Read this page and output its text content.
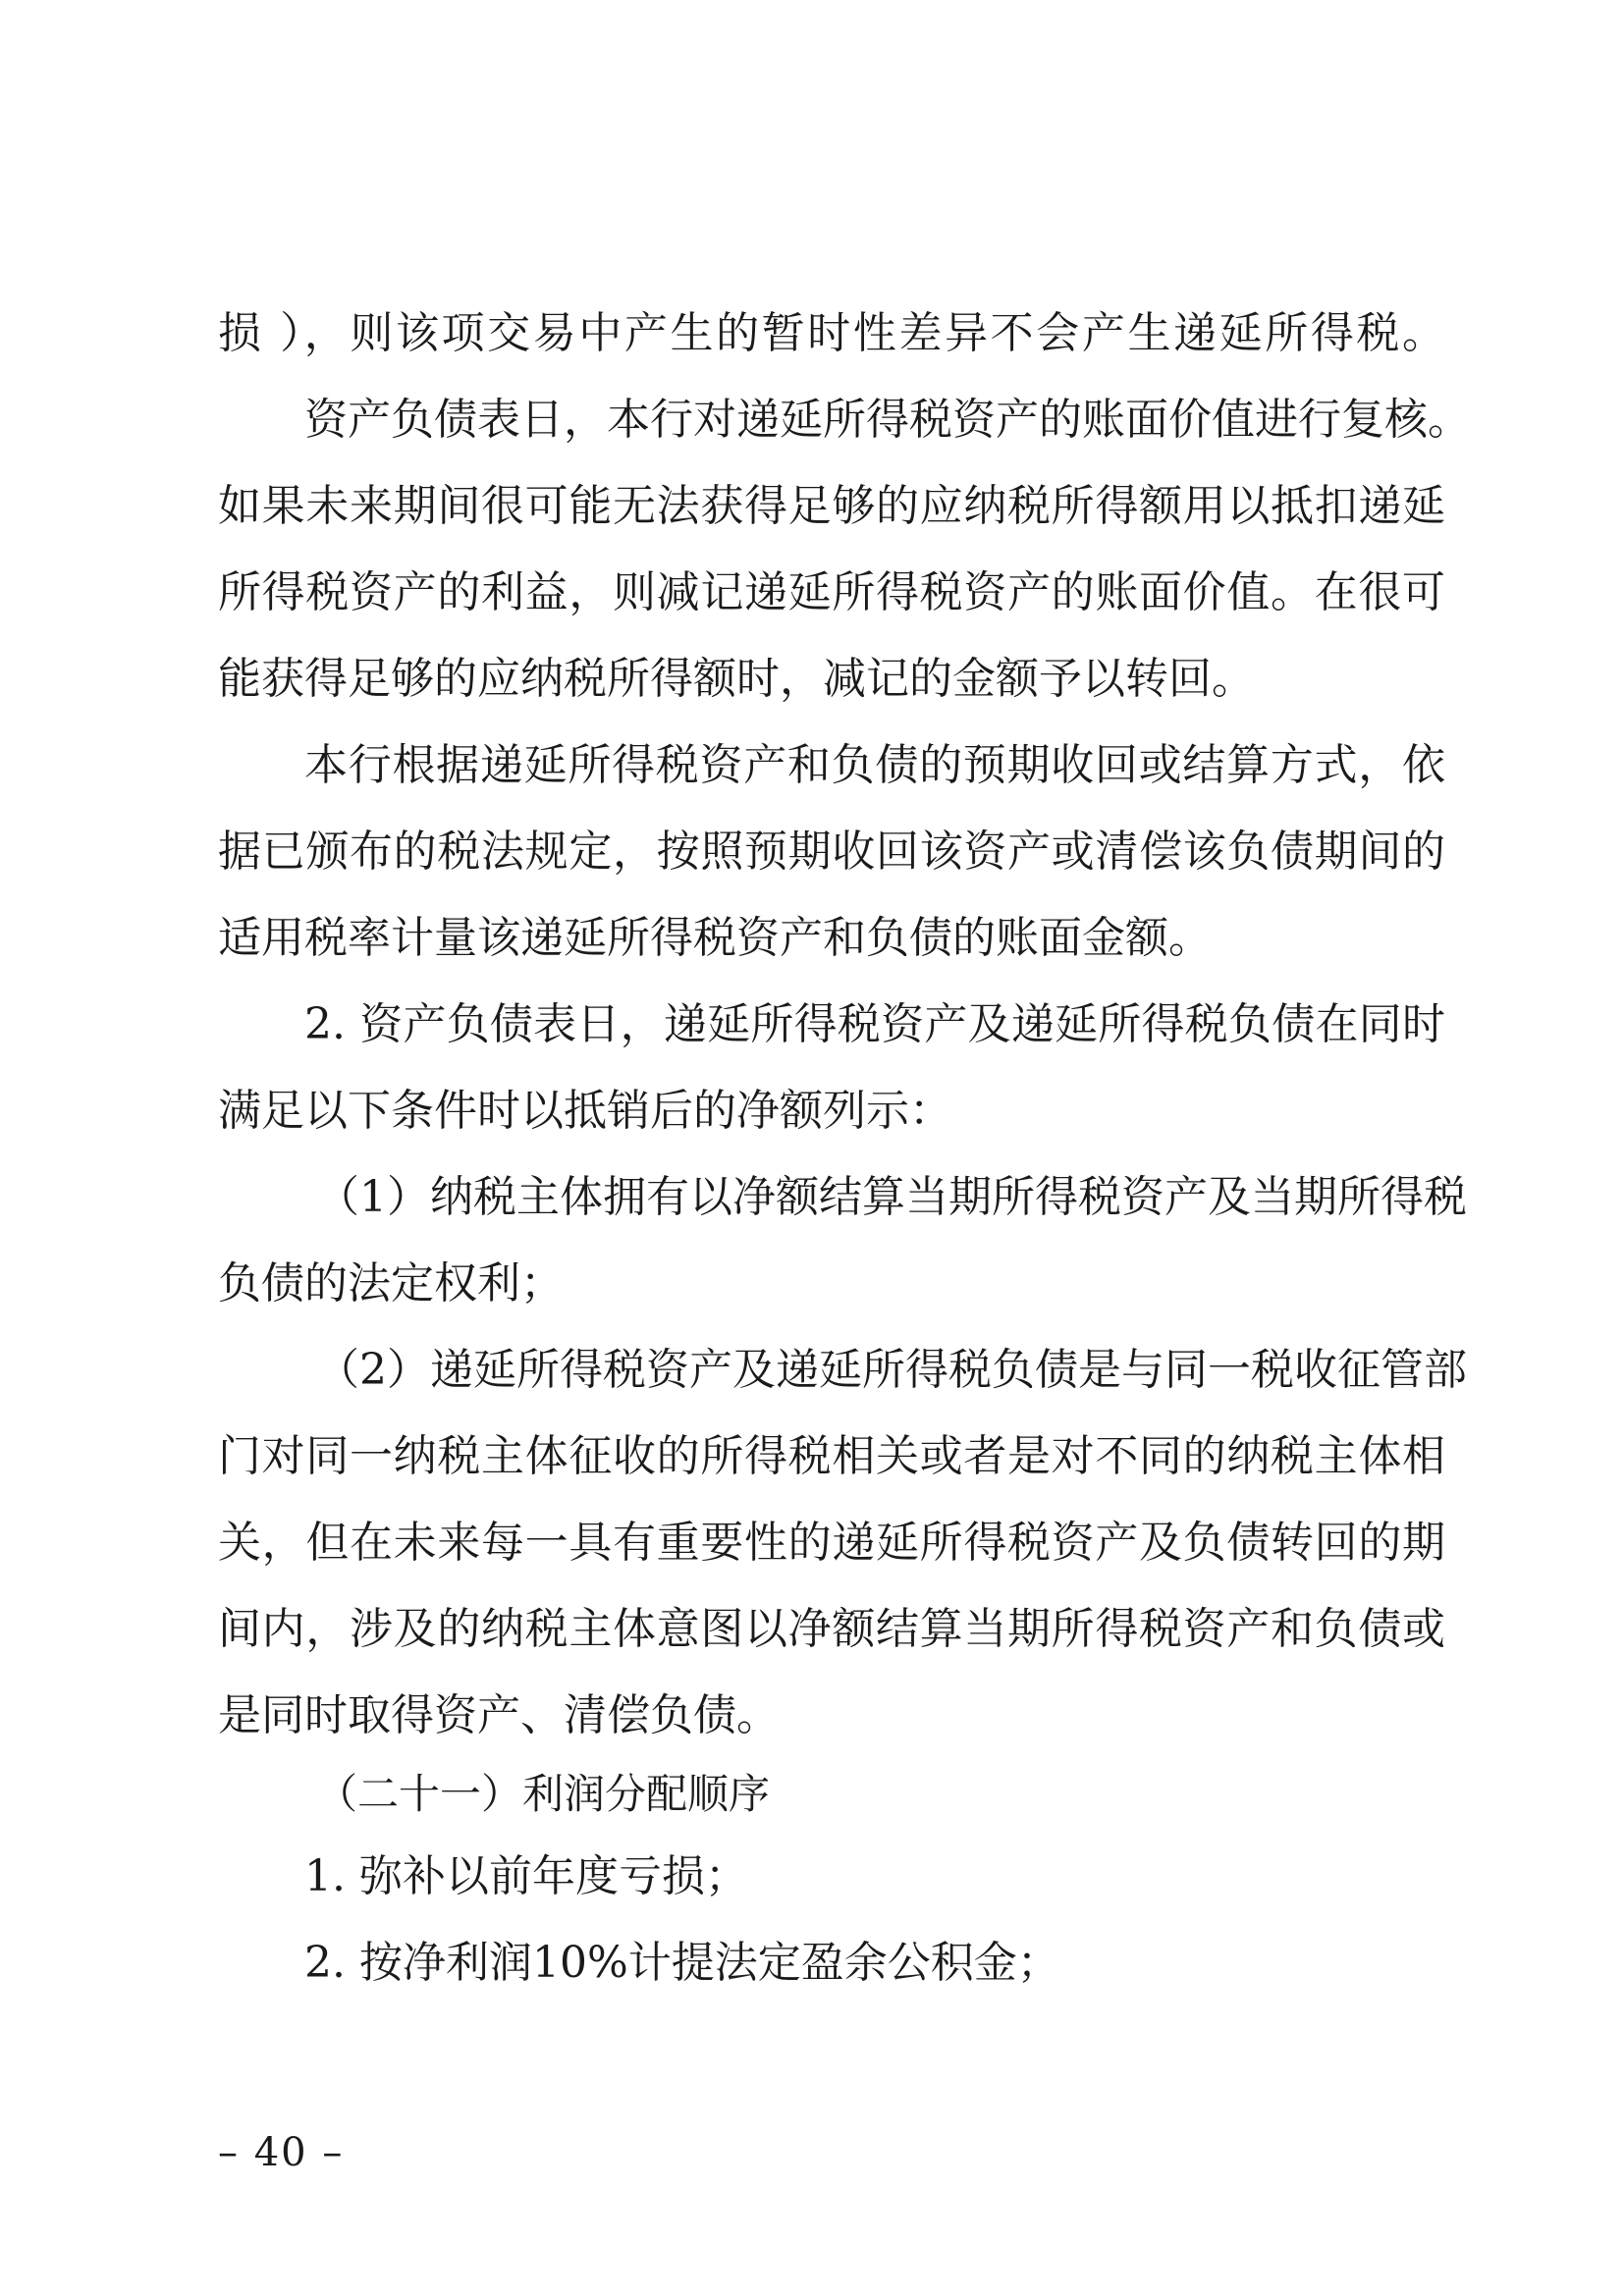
损 ），则该项交易中产生的暂时性差异不会产生递延所得税。
资产负债表日，本行对递延所得税资产的账面价值进行复核。
如果未来期间很可能无法获得足够的应纳税所得额用以抵扣递延
所得税资产的利益，则减记递延所得税资产的账面价值。在很可
能获得足够的应纳税所得额时，减记的金额予以转回。
本行根据递延所得税资产和负债的预期收回或结算方式，依
据已颁布的税法规定，按照预期收回该资产或清偿该负债期间的
适用税率计量该递延所得税资产和负债的账面金额。
2. 资产负债表日，递延所得税资产及递延所得税负债在同时
满足以下条件时以抵销后的净额列示：
（1）纳税主体拥有以净额结算当期所得税资产及当期所得税
负债的法定权利；
（2）递延所得税资产及递延所得税负债是与同一税收征管部
门对同一纳税主体征收的所得税相关或者是对不同的纳税主体相
关，但在未来每一具有重要性的递延所得税资产及负债转回的期
间内，涉及的纳税主体意图以净额结算当期所得税资产和负债或
是同时取得资产、清偿负债。
（二十一）利润分配顺序
1. 弥补以前年度亏损；
2. 按净利润10%计提法定盈余公积金；
– 40 –
